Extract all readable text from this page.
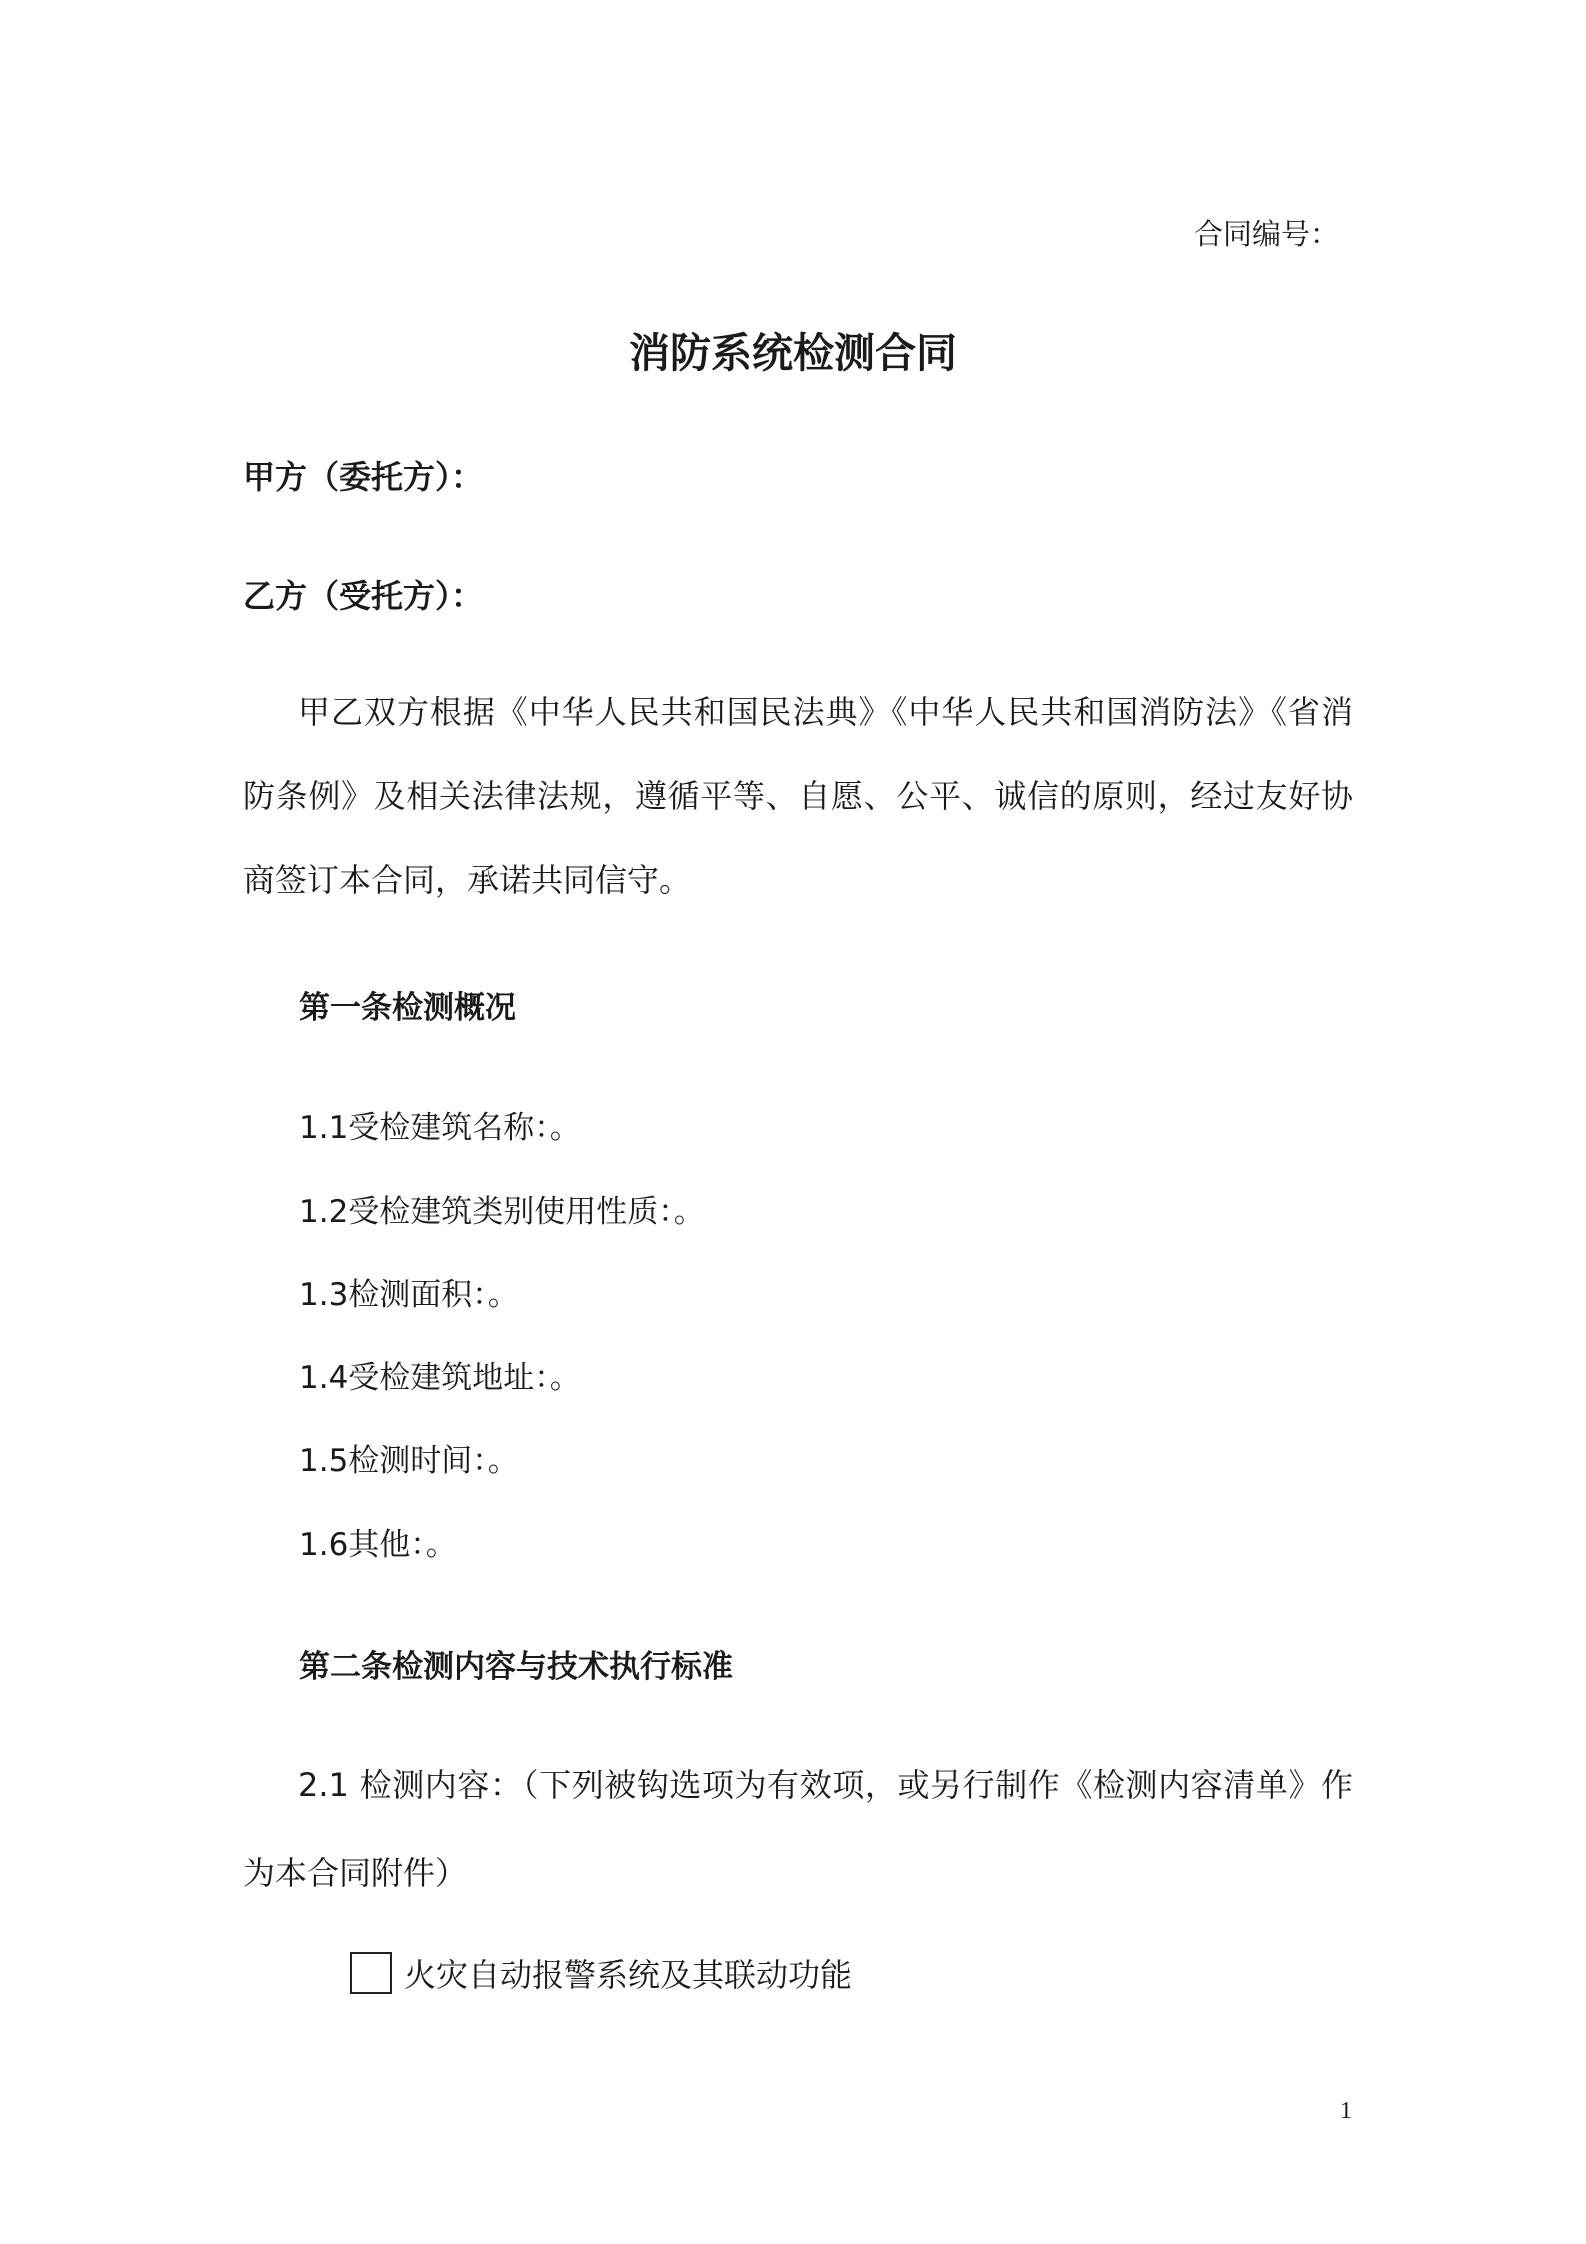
合同编号：
消防系统检测合同
甲方（委托方）：
乙方（受托方）：
甲乙双方根据《中华人民共和国民法典》《中华人民共和国消防法》《省消防条例》及相关法律法规，遵循平等、自愿、公平、诚信的原则，经过友好协商签订本合同，承诺共同信守。
第一条检测概况
1.1受检建筑名称：。
1.2受检建筑类别使用性质：。
1.3检测面积：。
1.4受检建筑地址：。
1.5检测时间：。
1.6其他：。
第二条检测内容与技术执行标准
2.1 检测内容：（下列被钩选项为有效项，或另行制作《检测内容清单》作为本合同附件）
火灾自动报警系统及其联动功能
1
